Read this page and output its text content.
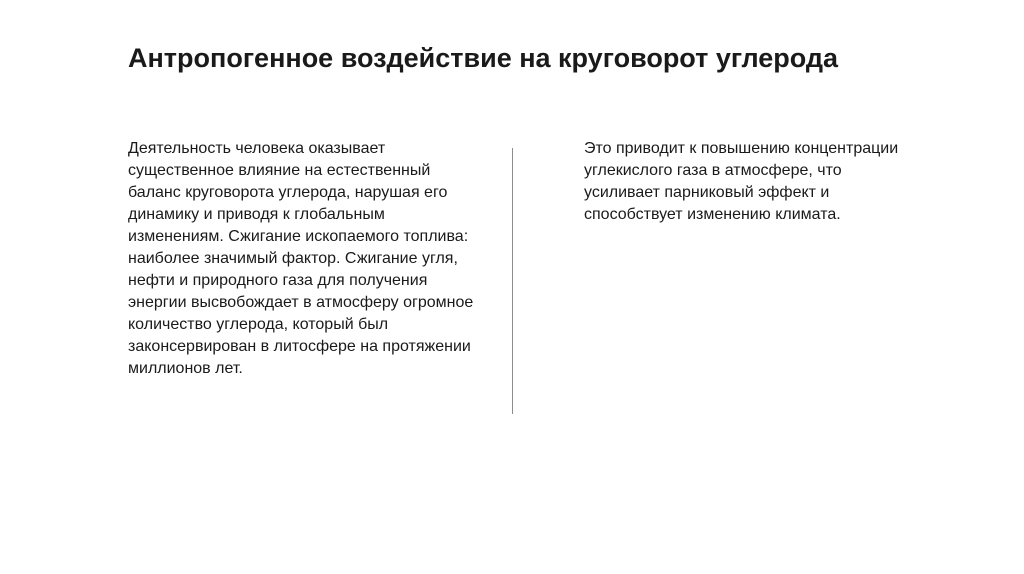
Антропогенное воздействие на круговорот углерода

Деятельность человека оказывает существенное влияние на естественный баланс круговорота углерода, нарушая его динамику и приводя к глобальным изменениям. Сжигание ископаемого топлива: наиболее значимый фактор. Сжигание угля, нефти и природного газа для получения энергии высвобождает в атмосферу огромное количество углерода, который был законсервирован в литосфере на протяжении миллионов лет.

Это приводит к повышению концентрации углекислого газа в атмосфере, что усиливает парниковый эффект и способствует изменению климата.
